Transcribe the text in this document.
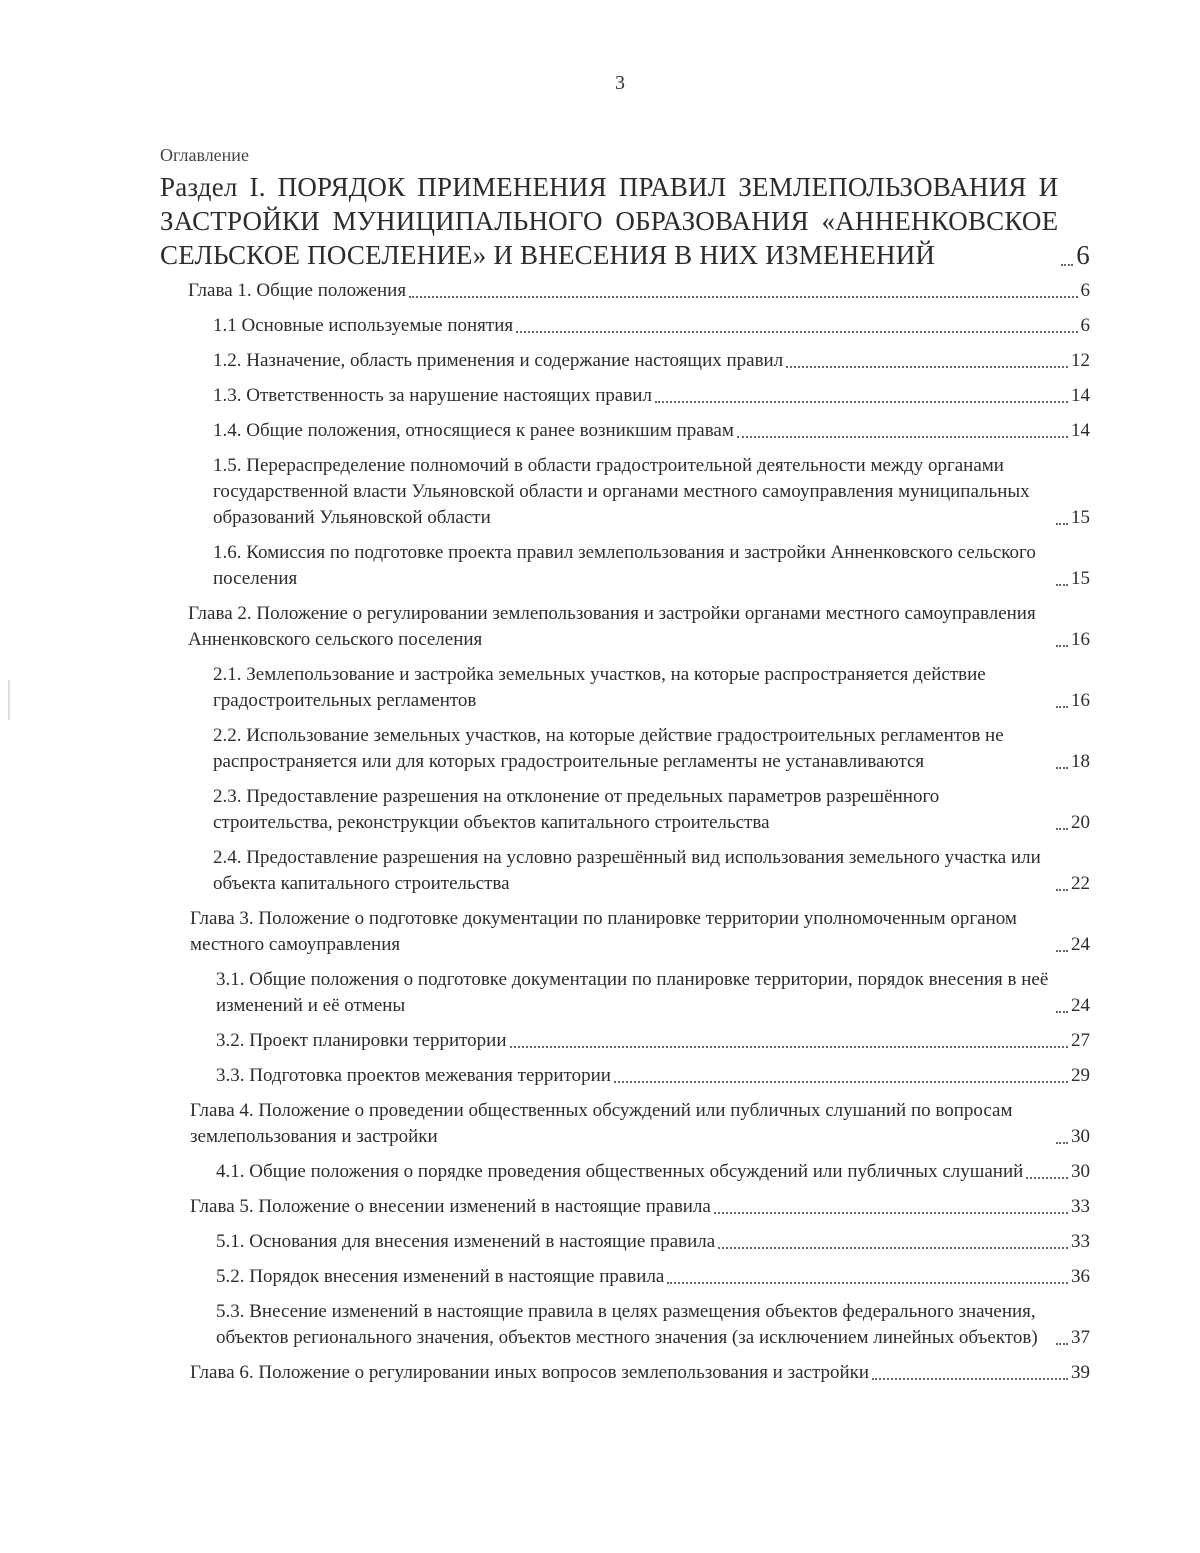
3
Оглавление
Раздел I. ПОРЯДОК ПРИМЕНЕНИЯ ПРАВИЛ ЗЕМЛЕПОЛЬЗОВАНИЯ И ЗАСТРОЙКИ МУНИЦИПАЛЬНОГО ОБРАЗОВАНИЯ «АННЕНКОВСКОЕ СЕЛЬСКОЕ ПОСЕЛЕНИЕ» И ВНЕСЕНИЯ В НИХ ИЗМЕНЕНИЙ	6
Глава 1. Общие положения	6
1.1 Основные используемые понятия	6
1.2. Назначение, область применения и содержание настоящих правил	12
1.3. Ответственность за нарушение настоящих правил	14
1.4. Общие положения, относящиеся к ранее возникшим правам	14
1.5. Перераспределение полномочий в области градостроительной деятельности между органами государственной власти Ульяновской области и органами местного самоуправления муниципальных образований Ульяновской области	15
1.6. Комиссия по подготовке проекта правил землепользования и застройки Анненковского сельского поселения	15
Глава 2. Положение о регулировании землепользования и застройки органами местного самоуправления Анненковского сельского поселения	16
2.1. Землепользование и застройка земельных участков, на которые распространяется действие градостроительных регламентов	16
2.2. Использование земельных участков, на которые действие градостроительных регламентов не распространяется или для которых градостроительные регламенты не устанавливаются	18
2.3. Предоставление разрешения на отклонение от предельных параметров разрешённого строительства, реконструкции объектов капитального строительства	20
2.4. Предоставление разрешения на условно разрешённый вид использования земельного участка или объекта капитального строительства	22
Глава 3. Положение о подготовке документации по планировке территории уполномоченным органом местного самоуправления	24
3.1. Общие положения о подготовке документации по планировке территории, порядок внесения в неё изменений и её отмены	24
3.2. Проект планировки территории	27
3.3. Подготовка проектов межевания территории	29
Глава 4. Положение о проведении общественных обсуждений или публичных слушаний по вопросам землепользования и застройки	30
4.1. Общие положения о порядке проведения общественных обсуждений или публичных слушаний	30
Глава 5. Положение о внесении изменений в настоящие правила	33
5.1. Основания для внесения изменений в настоящие правила	33
5.2. Порядок внесения изменений в настоящие правила	36
5.3. Внесение изменений в настоящие правила в целях размещения объектов федерального значения, объектов регионального значения, объектов местного значения (за исключением линейных объектов)	37
Глава 6. Положение о регулировании иных вопросов землепользования и застройки	39
